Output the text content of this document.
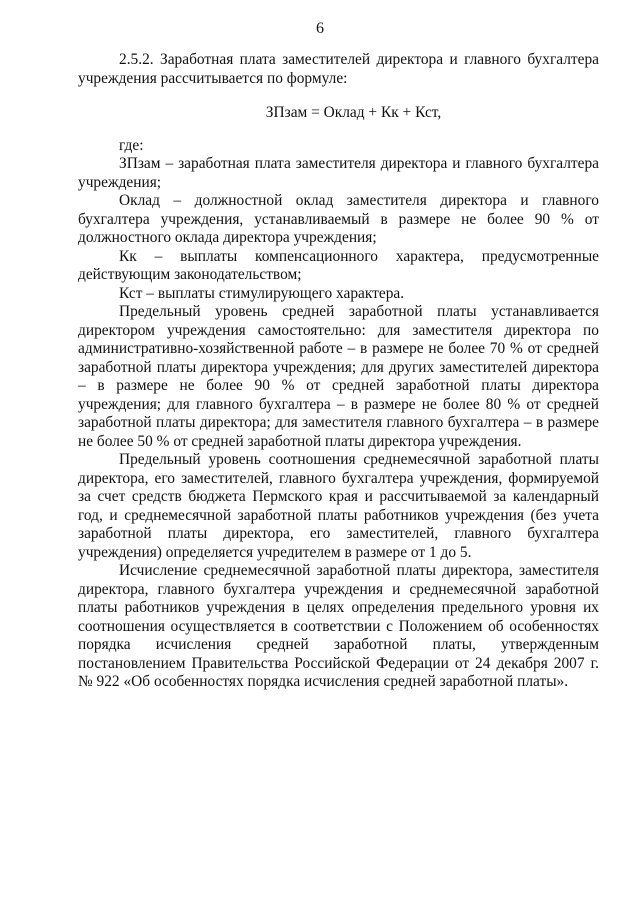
6

2.5.2. Заработная плата заместителей директора и главного бухгалтера учреждения рассчитывается по формуле:

ЗПзам = Оклад + Кк + Кст,

где:

ЗПзам – заработная плата заместителя директора и главного бухгалтера учреждения;

Оклад – должностной оклад заместителя директора и главного бухгалтера учреждения, устанавливаемый в размере не более 90 % от должностного оклада директора учреждения;

Кк – выплаты компенсационного характера, предусмотренные действующим законодательством;

Кст – выплаты стимулирующего характера.

Предельный уровень средней заработной платы устанавливается директором учреждения самостоятельно: для заместителя директора по административно-хозяйственной работе – в размере не более 70 % от средней заработной платы директора учреждения; для других заместителей директора – в размере не более 90 % от средней заработной платы директора учреждения; для главного бухгалтера – в размере не более 80 % от средней заработной платы директора; для заместителя главного бухгалтера – в размере не более 50 % от средней заработной платы директора учреждения.

Предельный уровень соотношения среднемесячной заработной платы директора, его заместителей, главного бухгалтера учреждения, формируемой за счет средств бюджета Пермского края и рассчитываемой за календарный год, и среднемесячной заработной платы работников учреждения (без учета заработной платы директора, его заместителей, главного бухгалтера учреждения) определяется учредителем в размере от 1 до 5.

Исчисление среднемесячной заработной платы директора, заместителя директора, главного бухгалтера учреждения и среднемесячной заработной платы работников учреждения в целях определения предельного уровня их соотношения осуществляется в соответствии с Положением об особенностях порядка исчисления средней заработной платы, утвержденным постановлением Правительства Российской Федерации от 24 декабря 2007 г. № 922 «Об особенностях порядка исчисления средней заработной платы».
